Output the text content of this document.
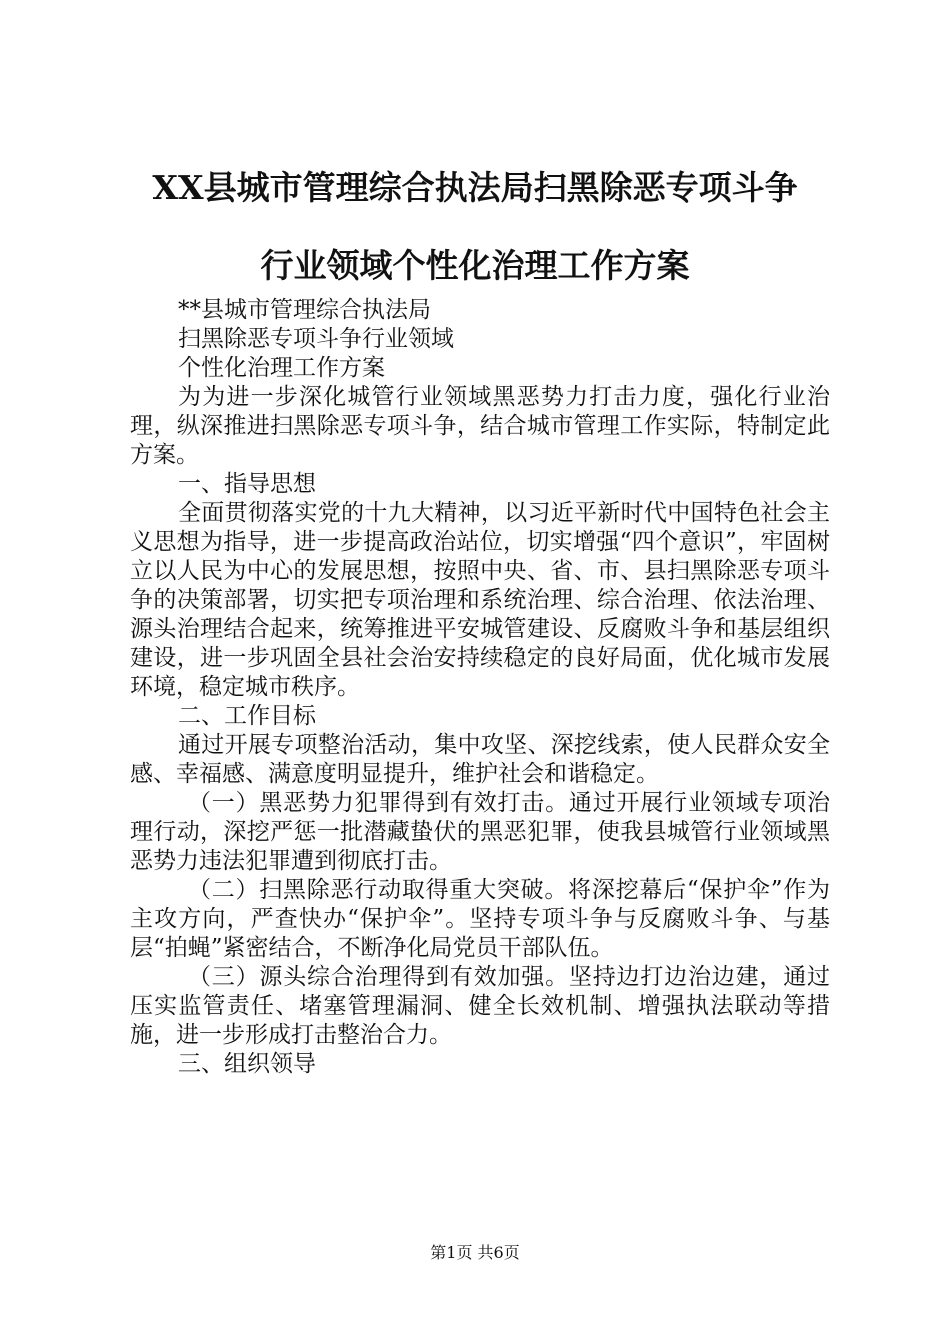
XX县城市管理综合执法局扫黑除恶专项斗争
行业领域个性化治理工作方案

**县城市管理综合执法局

扫黑除恶专项斗争行业领域

个性化治理工作方案

为为进一步深化城管行业领域黑恶势力打击力度，强化行业治理，纵深推进扫黑除恶专项斗争，结合城市管理工作实际，特制定此方案。

一、指导思想

全面贯彻落实党的十九大精神，以习近平新时代中国特色社会主义思想为指导，进一步提高政治站位，切实增强“四个意识”，牢固树立以人民为中心的发展思想，按照中央、省、市、县扫黑除恶专项斗争的决策部署，切实把专项治理和系统治理、综合治理、依法治理、源头治理结合起来，统筹推进平安城管建设、反腐败斗争和基层组织建设，进一步巩固全县社会治安持续稳定的良好局面，优化城市发展环境，稳定城市秩序。

二、工作目标

通过开展专项整治活动，集中攻坚、深挖线索，使人民群众安全感、幸福感、满意度明显提升，维护社会和谐稳定。

（一）黑恶势力犯罪得到有效打击。通过开展行业领域专项治理行动，深挖严惩一批潜藏蛰伏的黑恶犯罪，使我县城管行业领域黑恶势力违法犯罪遭到彻底打击。

（二）扫黑除恶行动取得重大突破。将深挖幕后“保护伞”作为主攻方向，严查快办“保护伞”。坚持专项斗争与反腐败斗争、与基层“拍蝇”紧密结合，不断净化局党员干部队伍。

（三）源头综合治理得到有效加强。坚持边打边治边建，通过压实监管责任、堵塞管理漏洞、健全长效机制、增强执法联动等措施，进一步形成打击整治合力。

三、组织领导

第1页 共6页
